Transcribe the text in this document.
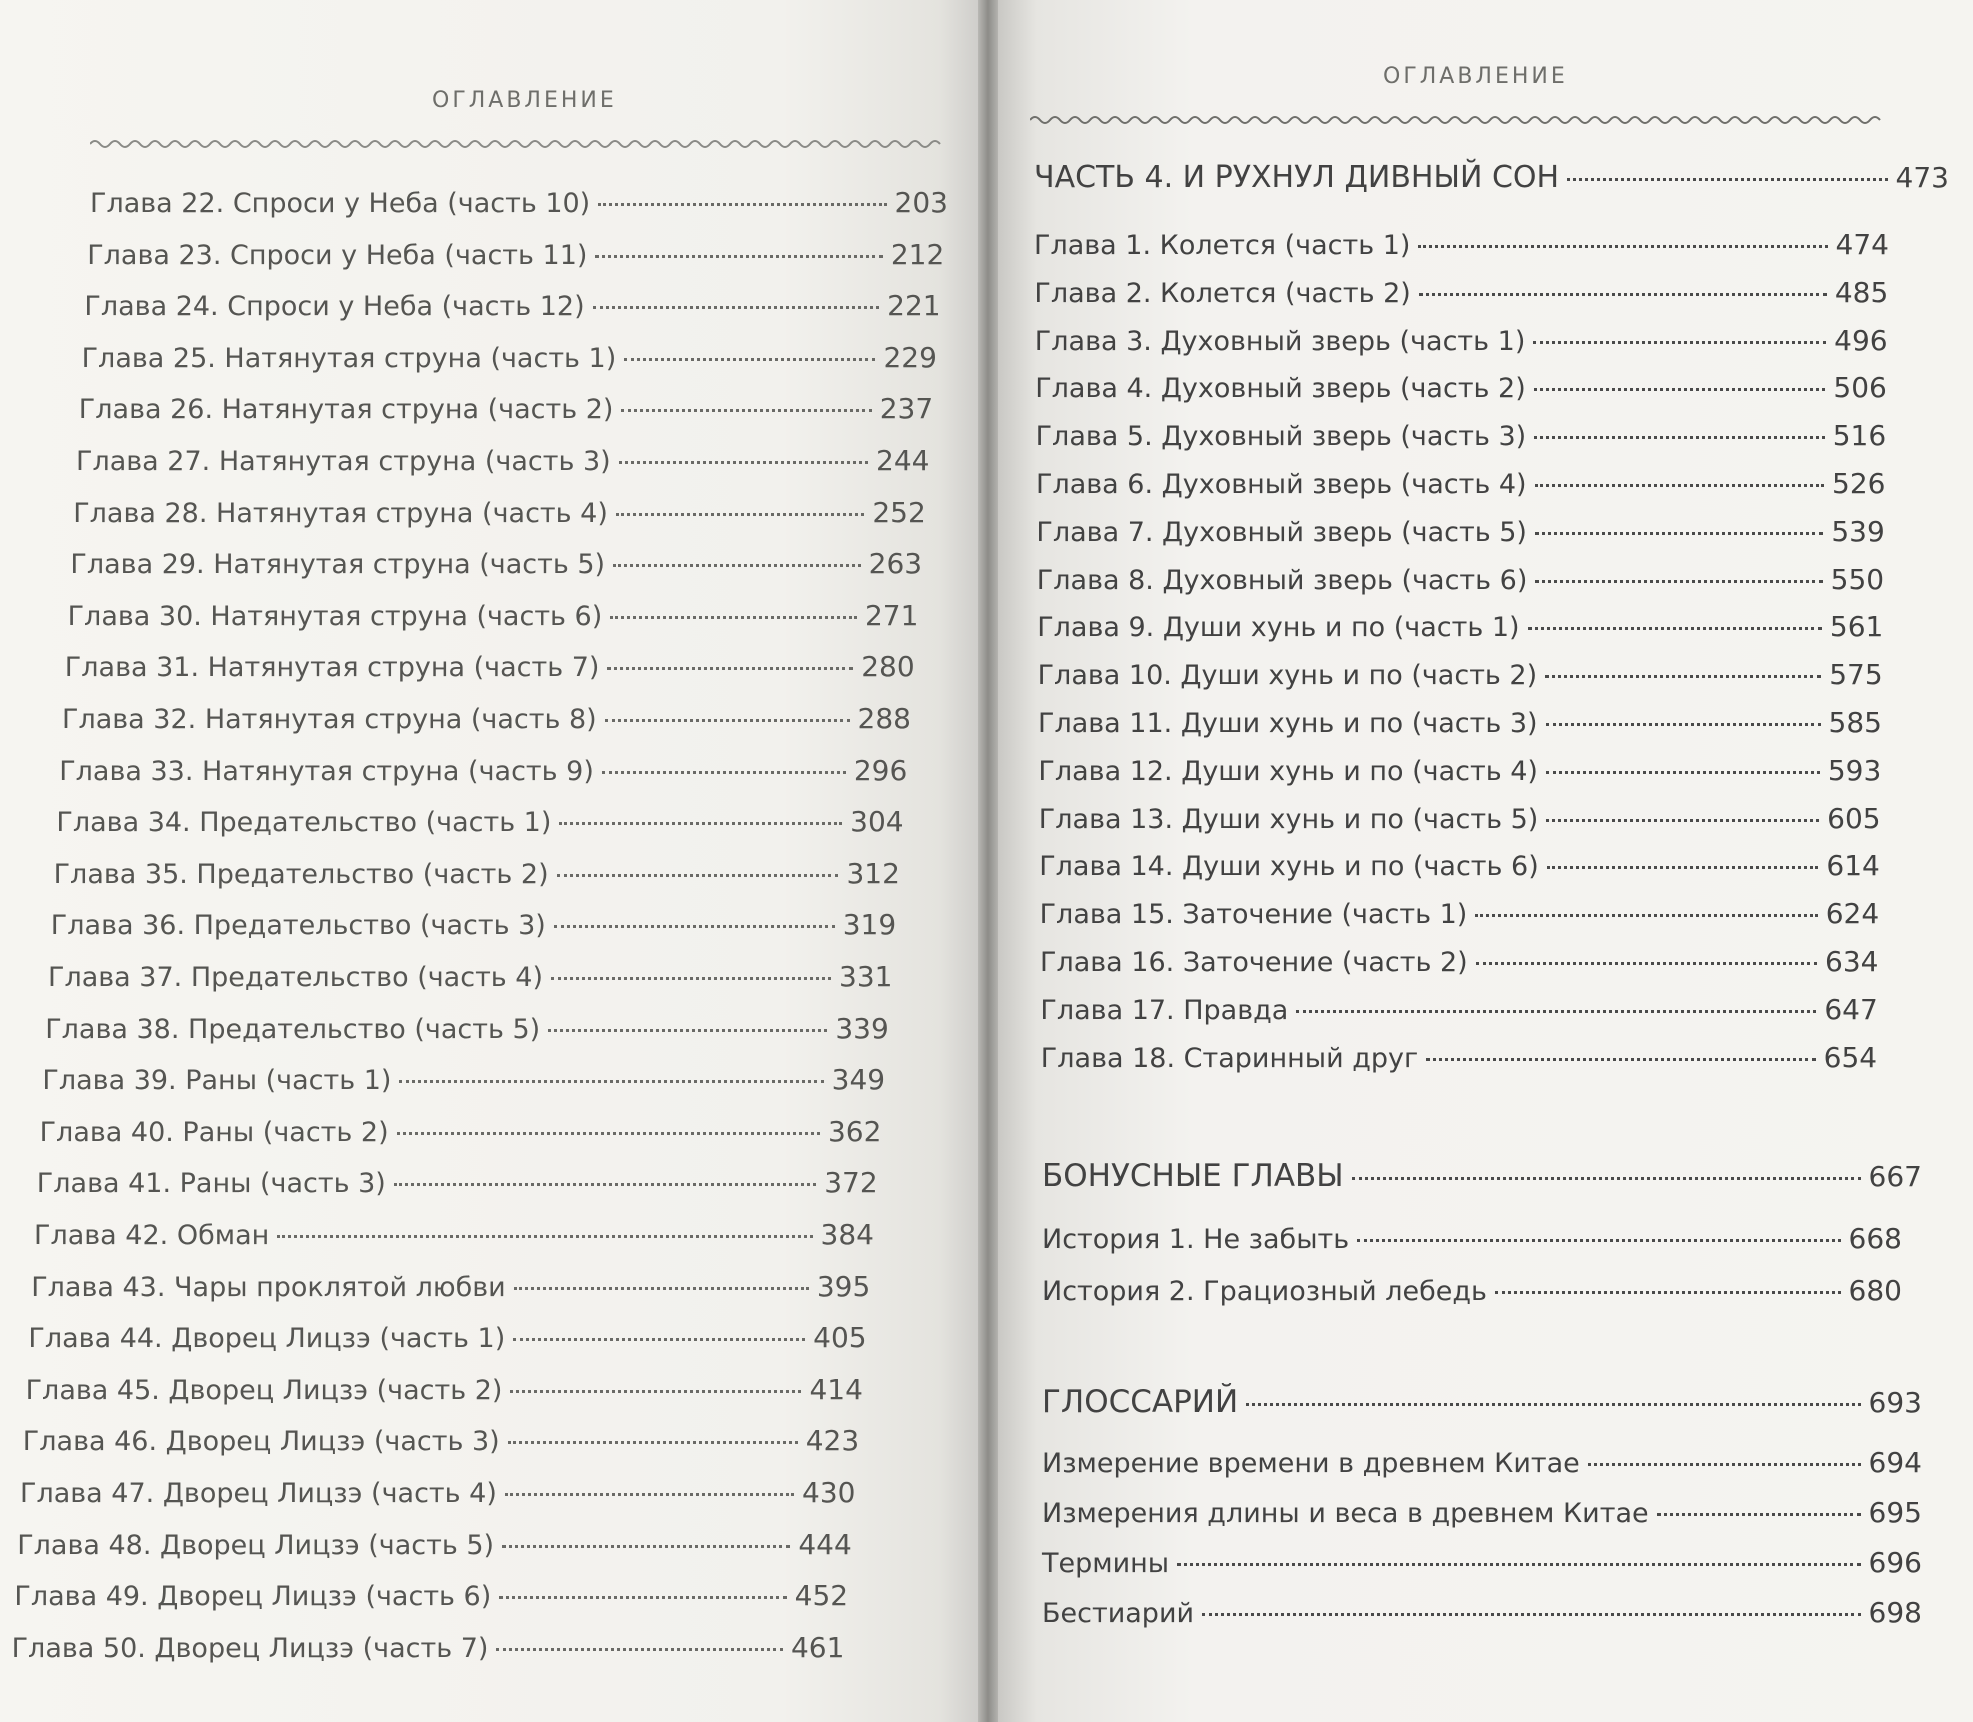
ОГЛАВЛЕНИЕ
Глава 22. Спроси у Неба (часть 10)	203
Глава 23. Спроси у Неба (часть 11)	212
Глава 24. Спроси у Неба (часть 12)	221
Глава 25. Натянутая струна (часть 1)	229
Глава 26. Натянутая струна (часть 2)	237
Глава 27. Натянутая струна (часть 3)	244
Глава 28. Натянутая струна (часть 4)	252
Глава 29. Натянутая струна (часть 5)	263
Глава 30. Натянутая струна (часть 6)	271
Глава 31. Натянутая струна (часть 7)	280
Глава 32. Натянутая струна (часть 8)	288
Глава 33. Натянутая струна (часть 9)	296
Глава 34. Предательство (часть 1)	304
Глава 35. Предательство (часть 2)	312
Глава 36. Предательство (часть 3)	319
Глава 37. Предательство (часть 4)	331
Глава 38. Предательство (часть 5)	339
Глава 39. Раны (часть 1)	349
Глава 40. Раны (часть 2)	362
Глава 41. Раны (часть 3)	372
Глава 42. Обман	384
Глава 43. Чары проклятой любви	395
Глава 44. Дворец Лицзэ (часть 1)	405
Глава 45. Дворец Лицзэ (часть 2)	414
Глава 46. Дворец Лицзэ (часть 3)	423
Глава 47. Дворец Лицзэ (часть 4)	430
Глава 48. Дворец Лицзэ (часть 5)	444
Глава 49. Дворец Лицзэ (часть 6)	452
Глава 50. Дворец Лицзэ (часть 7)	461
ОГЛАВЛЕНИЕ
ЧАСТЬ 4. И РУХНУЛ ДИВНЫЙ СОН	473
Глава 1. Колется (часть 1)	474
Глава 2. Колется (часть 2)	485
Глава 3. Духовный зверь (часть 1)	496
Глава 4. Духовный зверь (часть 2)	506
Глава 5. Духовный зверь (часть 3)	516
Глава 6. Духовный зверь (часть 4)	526
Глава 7. Духовный зверь (часть 5)	539
Глава 8. Духовный зверь (часть 6)	550
Глава 9. Души хунь и по (часть 1)	561
Глава 10. Души хунь и по (часть 2)	575
Глава 11. Души хунь и по (часть 3)	585
Глава 12. Души хунь и по (часть 4)	593
Глава 13. Души хунь и по (часть 5)	605
Глава 14. Души хунь и по (часть 6)	614
Глава 15. Заточение (часть 1)	624
Глава 16. Заточение (часть 2)	634
Глава 17. Правда	647
Глава 18. Старинный друг	654
БОНУСНЫЕ ГЛАВЫ	667
История 1. Не забыть	668
История 2. Грациозный лебедь	680
ГЛОССАРИЙ	693
Измерение времени в древнем Китае	694
Измерения длины и веса в древнем Китае	695
Термины	696
Бестиарий	698
